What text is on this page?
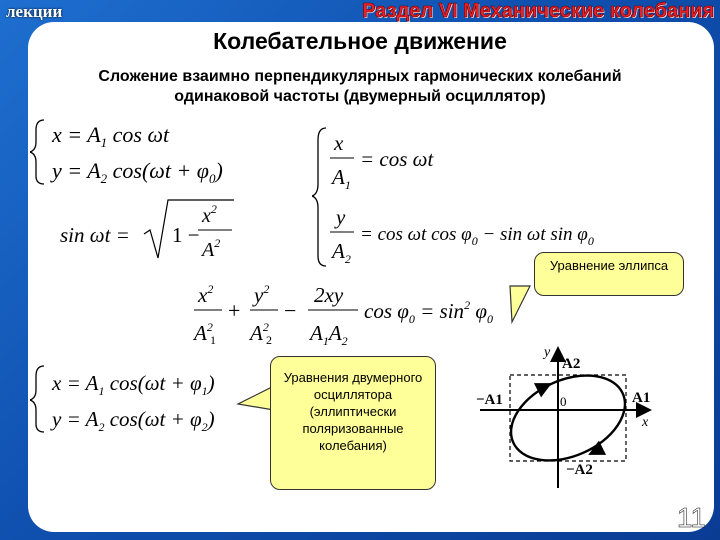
лекции	Раздел VI Механические колебания
Колебательное движение
Сложение взаимно перпендикулярных гармонических колебаний
одинаковой частоты (двумерный осциллятор)
$x = A_1$ cos ωt
$y = A_2$ $\cos(\omega t + \varphi_0)$
sin ωt = 1 −
$x^2$
$A^2$
x
$A_1$
= cos ωt
y
$A_2$
= cos ωt $\cos \varphi_0 - \sin \omega t$ $\sin \varphi_0$
$x^2$
$A^2$
1
+
$y^2$
$A^2$
2
−
2xy
$A_1A_2$
$\cos \varphi_0 = \sin^2 \varphi_0$
$x = A_1$ $\cos(\omega t + \varphi_1)$
$y = A_2$ $\cos(\omega t + \varphi_2)$
Уравнение эллипса
Уравнения двумерного осциллятора (эллиптически поляризованные колебания)
y
x
A2
−A1	0	A1
−A2
11
